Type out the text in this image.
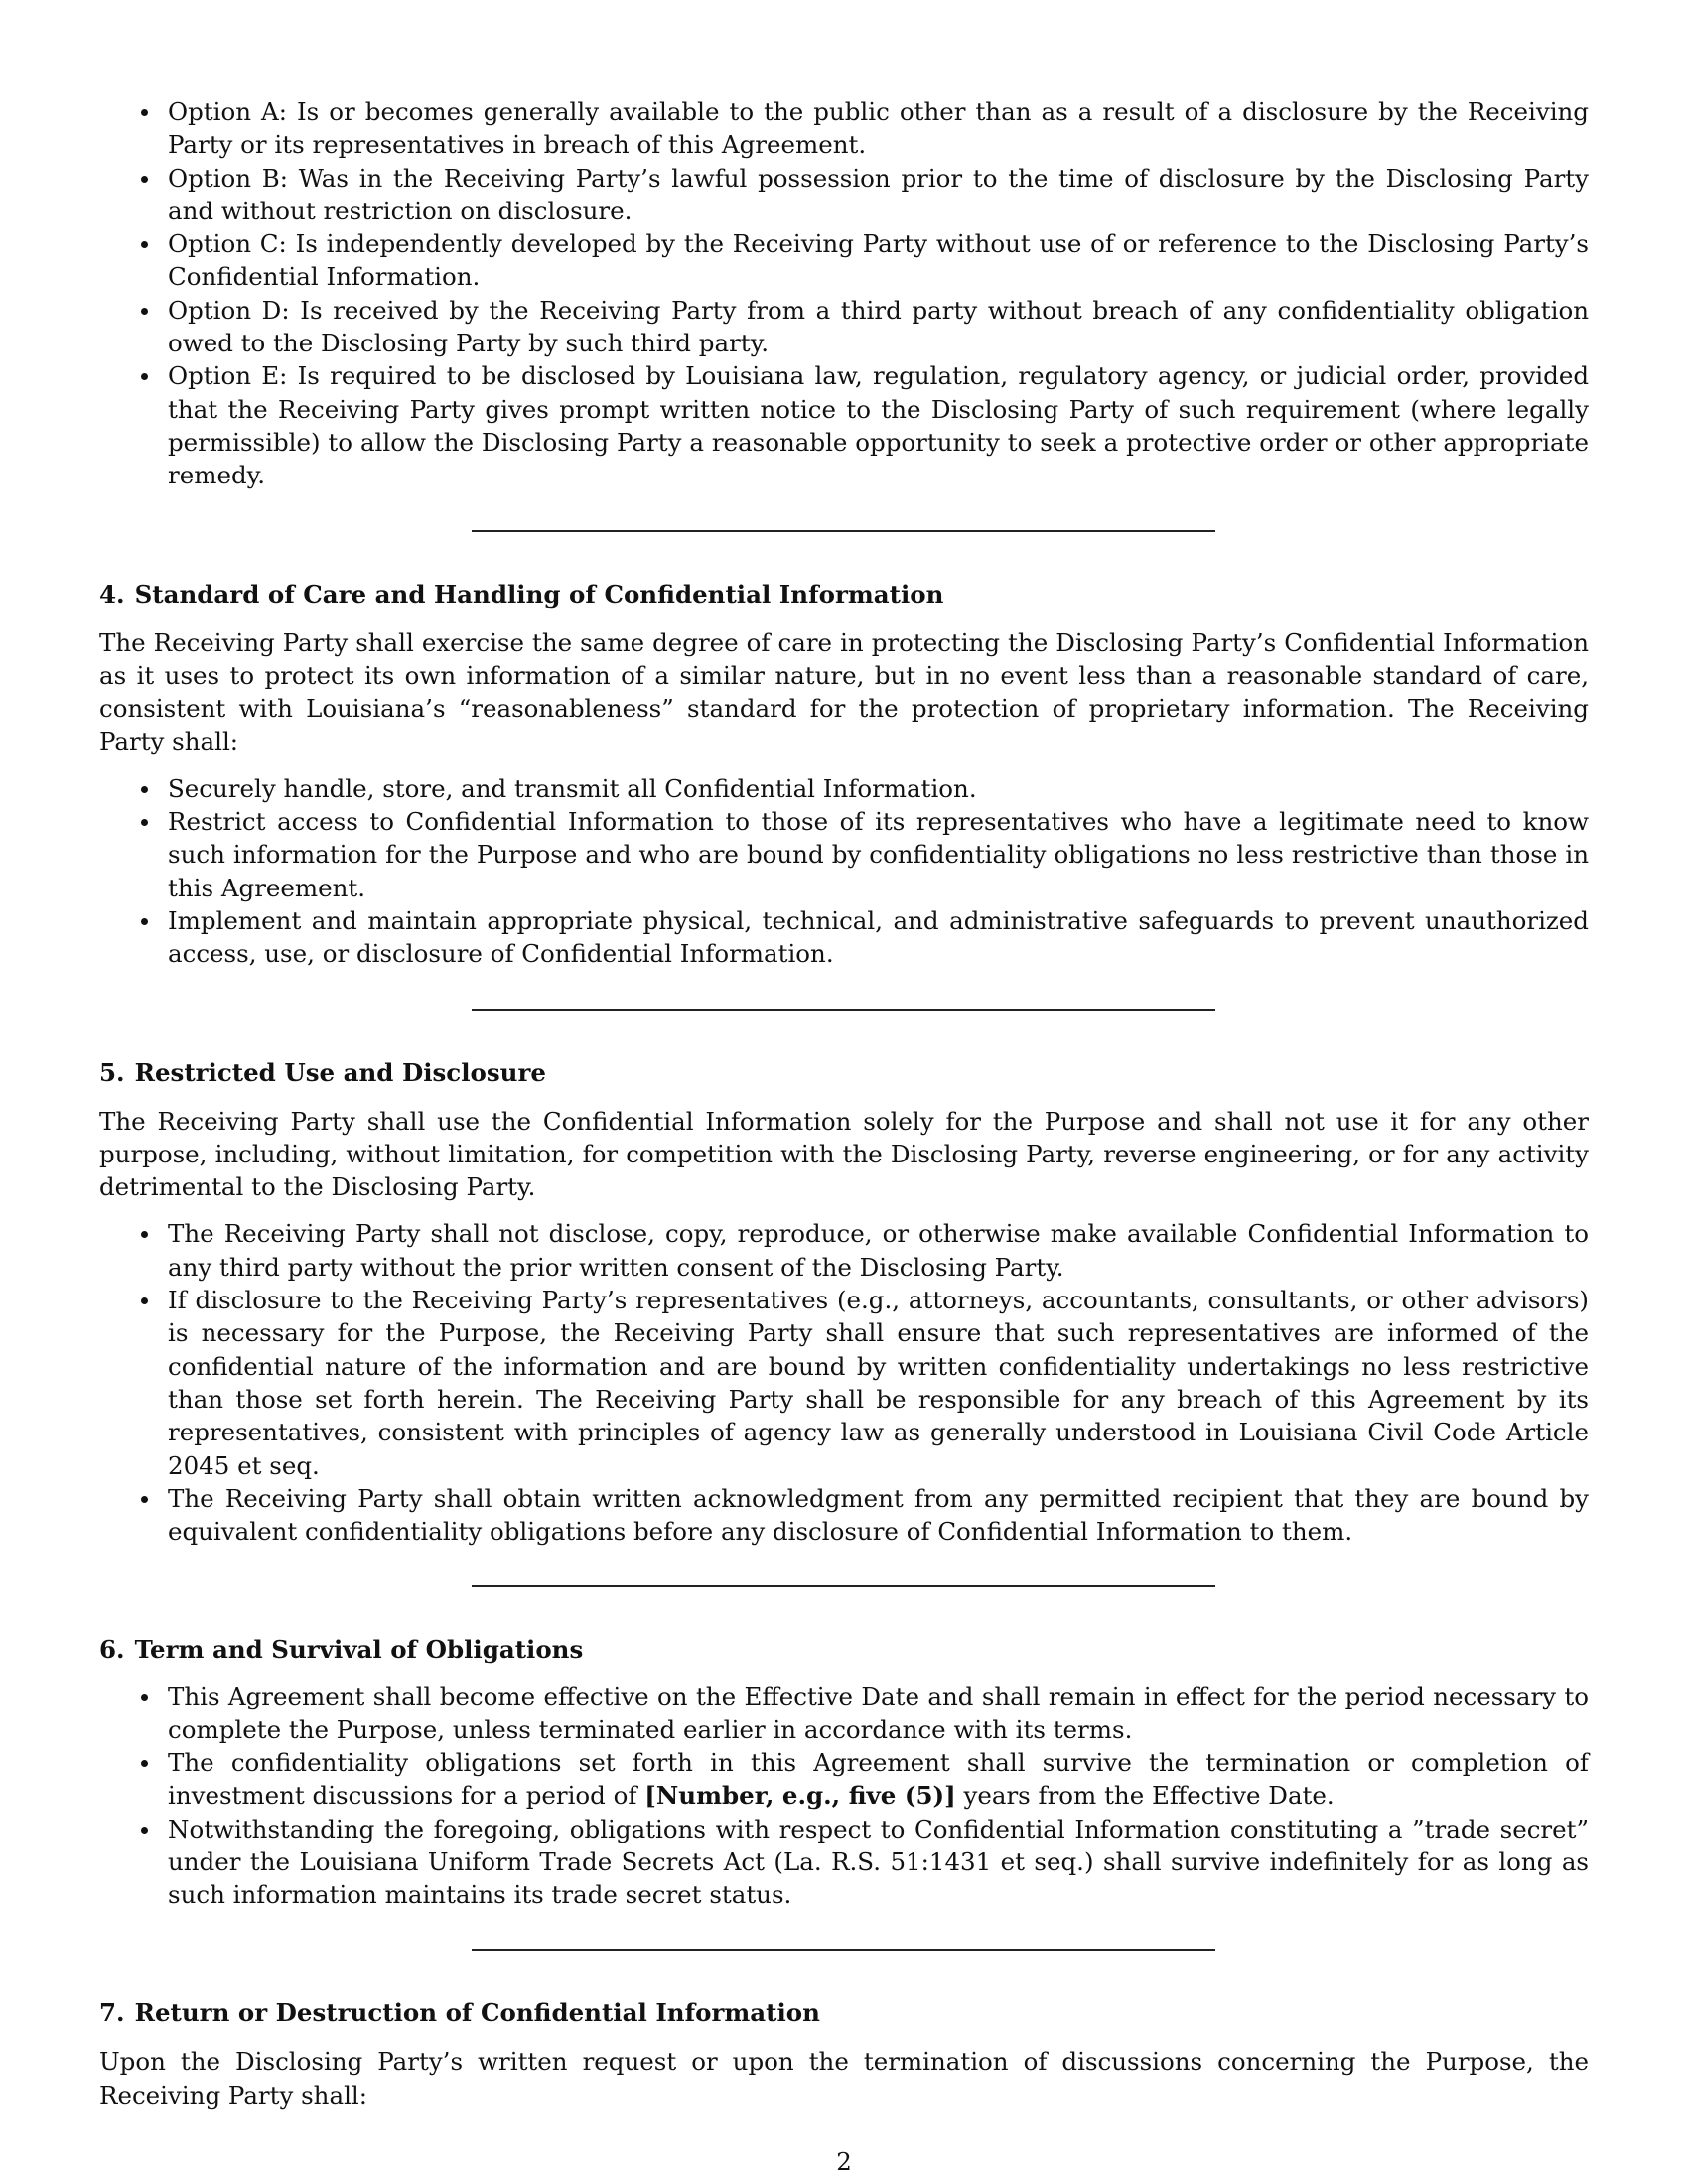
Option A: Is or becomes generally available to the public other than as a result of a disclosure by the Receiving Party or its representatives in breach of this Agreement.
Option B: Was in the Receiving Party’s lawful possession prior to the time of disclosure by the Disclosing Party and without restriction on disclosure.
Option C: Is independently developed by the Receiving Party without use of or reference to the Disclosing Party’s Confidential Information.
Option D: Is received by the Receiving Party from a third party without breach of any confidentiality obligation owed to the Disclosing Party by such third party.
Option E: Is required to be disclosed by Louisiana law, regulation, regulatory agency, or judicial order, provided that the Receiving Party gives prompt written notice to the Disclosing Party of such requirement (where legally permissible) to allow the Disclosing Party a reasonable opportunity to seek a protective order or other appropriate remedy.
4. Standard of Care and Handling of Confidential Information

The Receiving Party shall exercise the same degree of care in protecting the Disclosing Party’s Confidential Information as it uses to protect its own information of a similar nature, but in no event less than a reasonable standard of care, consistent with Louisiana’s “reasonableness” standard for the protection of proprietary information. The Receiving Party shall:

Securely handle, store, and transmit all Confidential Information.
Restrict access to Confidential Information to those of its representatives who have a legitimate need to know such information for the Purpose and who are bound by confidentiality obligations no less restrictive than those in this Agreement.
Implement and maintain appropriate physical, technical, and administrative safeguards to prevent unauthorized access, use, or disclosure of Confidential Information.
5. Restricted Use and Disclosure

The Receiving Party shall use the Confidential Information solely for the Purpose and shall not use it for any other purpose, including, without limitation, for competition with the Disclosing Party, reverse engineering, or for any activity detrimental to the Disclosing Party.

The Receiving Party shall not disclose, copy, reproduce, or otherwise make available Confidential Information to any third party without the prior written consent of the Disclosing Party.
If disclosure to the Receiving Party’s representatives (e.g., attorneys, accountants, consultants, or other advisors) is necessary for the Purpose, the Receiving Party shall ensure that such representatives are informed of the confidential nature of the information and are bound by written confidentiality undertakings no less restrictive than those set forth herein. The Receiving Party shall be responsible for any breach of this Agreement by its representatives, consistent with principles of agency law as generally understood in Louisiana Civil Code Article 2045 et seq.
The Receiving Party shall obtain written acknowledgment from any permitted recipient that they are bound by equivalent confidentiality obligations before any disclosure of Confidential Information to them.
6. Term and Survival of Obligations
This Agreement shall become effective on the Effective Date and shall remain in effect for the period necessary to complete the Purpose, unless terminated earlier in accordance with its terms.
The confidentiality obligations set forth in this Agreement shall survive the termination or completion of investment discussions for a period of [Number, e.g., five (5)] years from the Effective Date.
Notwithstanding the foregoing, obligations with respect to Confidential Information constituting a ”trade secret” under the Louisiana Uniform Trade Secrets Act (La. R.S. 51:1431 et seq.) shall survive indefinitely for as long as such information maintains its trade secret status.
7. Return or Destruction of Confidential Information

Upon the Disclosing Party’s written request or upon the termination of discussions concerning the Purpose, the Receiving Party shall:

2
